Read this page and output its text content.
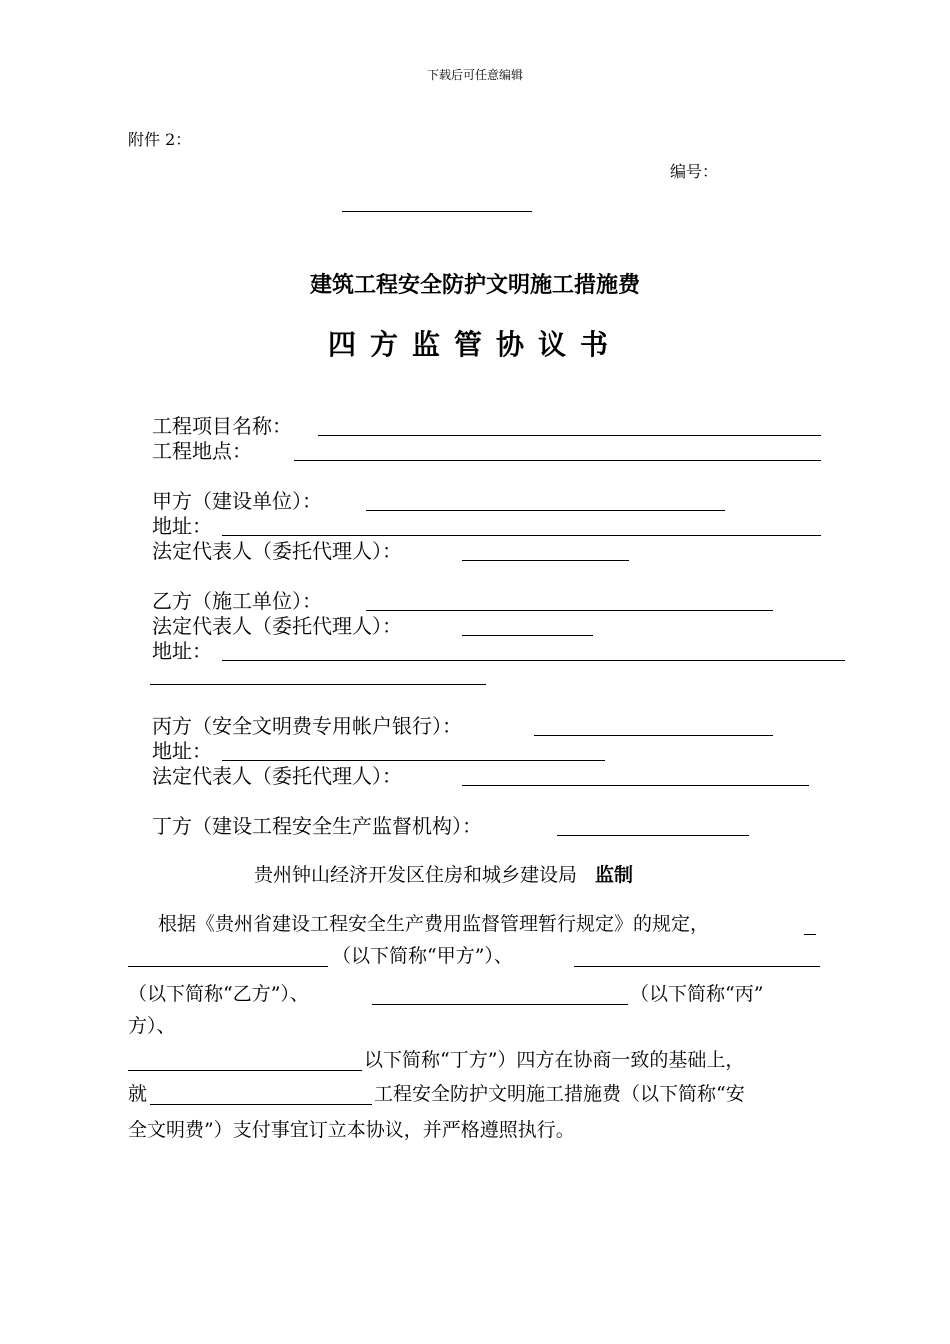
下载后可任意编辑
附件 2：
编号：
建筑工程安全防护文明施工措施费
四方监管协议书
工程项目名称：
工程地点：
甲方（建设单位）：
地址：
法定代表人（委托代理人）：
乙方（施工单位）：
法定代表人（委托代理人）：
地址：
丙方（安全文明费专用帐户银行）：
地址：
法定代表人（委托代理人）：
丁方（建设工程安全生产监督机构）：
贵州钟山经济开发区住房和城乡建设局 监制
根据《贵州省建设工程安全生产费用监督管理暂行规定》的规定，
（以下简称“甲方”）、
（以下简称“乙方”）、	（以下简称“丙”
方）、
以下简称“丁方”）四方在协商一致的基础上，
就	工程安全防护文明施工措施费（以下简称“安
全文明费”）支付事宜订立本协议，并严格遵照执行。
